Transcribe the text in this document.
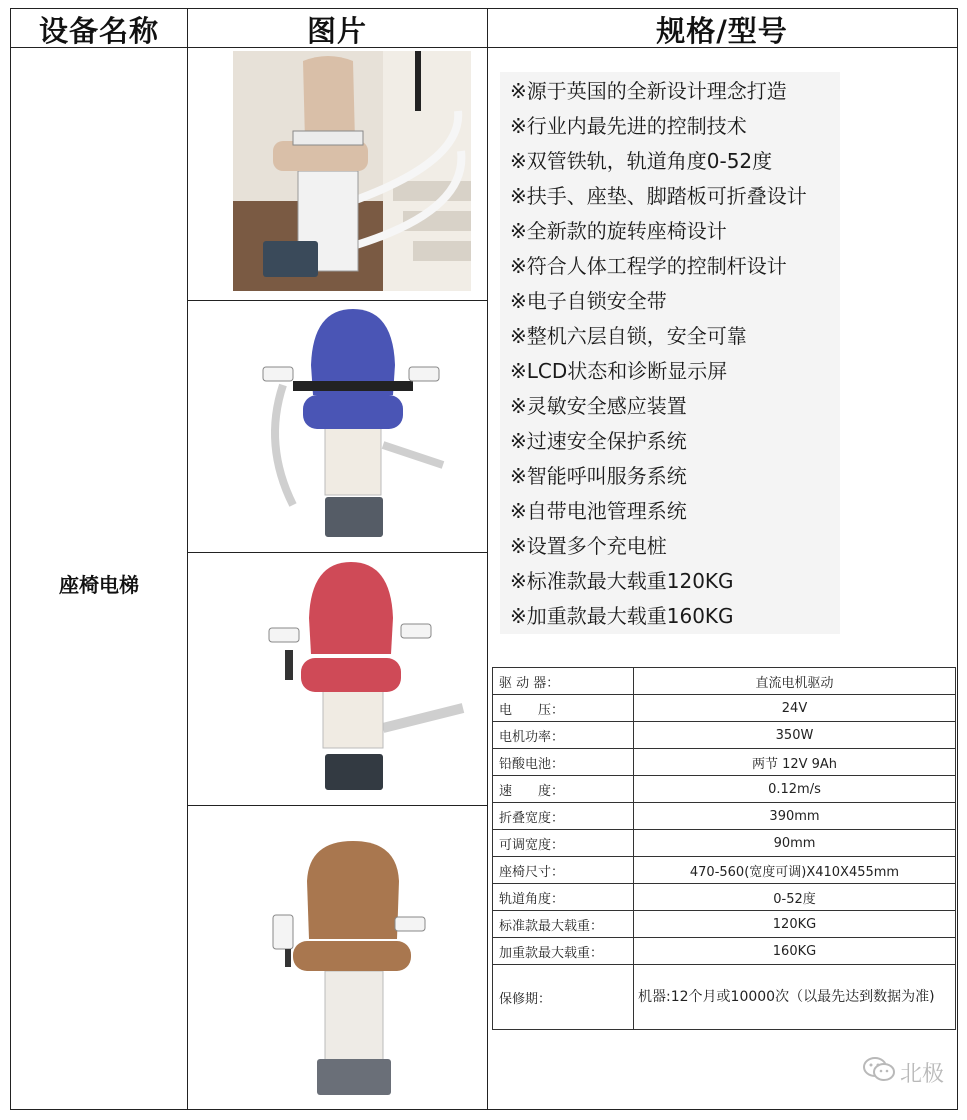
设备名称	图片	规格/型号
座椅电梯
※源于英国的全新设计理念打造
※行业内最先进的控制技术
※双管铁轨，轨道角度0-52度
※扶手、座垫、脚踏板可折叠设计
※全新款的旋转座椅设计
※符合人体工程学的控制杆设计
※电子自锁安全带
※整机六层自锁，安全可靠
※LCD状态和诊断显示屏
※灵敏安全感应装置
※过速安全保护系统
※智能呼叫服务系统
※自带电池管理系统
※设置多个充电桩
※标准款最大载重120KG
※加重款最大载重160KG
驱 动 器：	直流电机驱动
电　　压：	24V
电机功率：	350W
铅酸电池：	两节 12V 9Ah
速　　度：	0.12m/s
折叠宽度：	390mm
可调宽度：	90mm
座椅尺寸：	470-560(宽度可调)X410X455mm
轨道角度：	0-52度
标准款最大载重：	120KG
加重款最大载重：	160KG
保修期：	机器:12个月或10000次（以最先达到数据为准)
北极
